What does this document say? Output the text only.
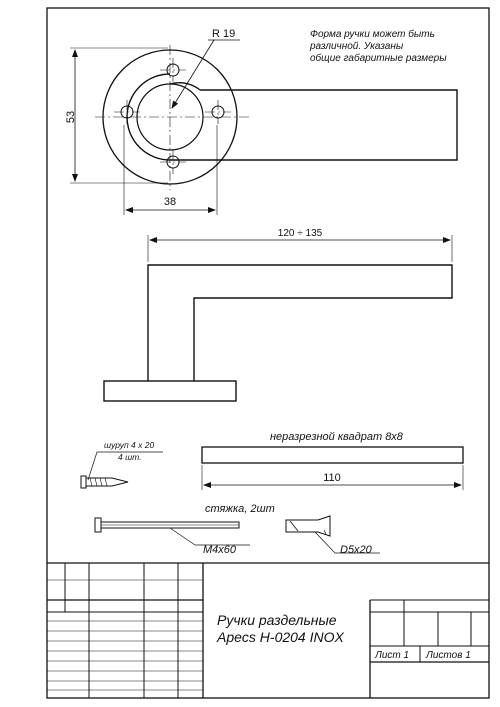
R 19
53
38
Форма ручки может быть
различной. Указаны
общие габаритные размеры
120 ÷ 135
неразрезной квадрат 8х8
110
шуруп 4 х 20
4 шт.
стяжка, 2шт
M4x60	D5x20
Ручки раздельные
Apecs H-0204 INOX
Лист 1 Листов 1
